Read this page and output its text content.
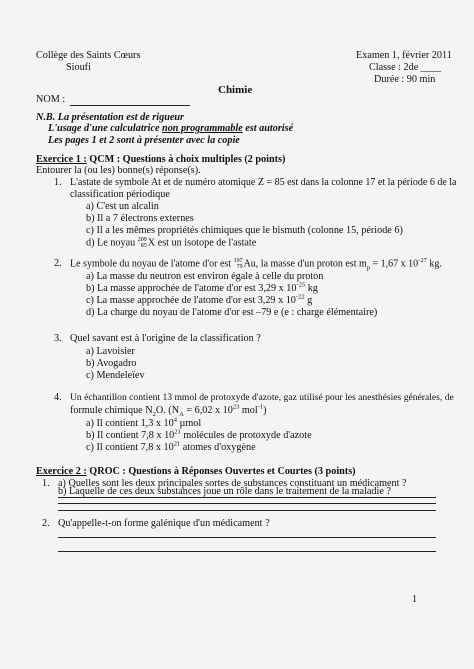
Collège des Saints Cœurs
Sioufi
Examen 1, février 2011
Classe : 2de ____
Durée : 90 min
Chimie
NOM :
N.B. La présentation est de rigueur
L'usage d'une calculatrice non programmable est autorisé
Les pages 1 et 2 sont à présenter avec la copie
Exercice 1 : QCM : Questions à choix multiples (2 points)
Entourer la (ou les) bonne(s) réponse(s).
1. L'astate de symbole At et de numéro atomique Z = 85 est dans la colonne 17 et la période 6 de la
classification périodique
a) C'est un alcalin
b) Il a 7 électrons externes
c) Il a les mêmes propriétés chimiques que le bismuth (colonne 15, période 6)
d) Le noyau 209
85 X est un isotope de l'astate
2. Le symbole du noyau de l'atome d'or est 197
79 Au, la masse d'un proton est $m_p = 1,67$ x $10^{-27}$ kg.
a) La masse du neutron est environ égale à celle du proton
b) La masse approchée de l'atome d'or est 3,29 x $10^{-25}$ kg
c) La masse approchée de l'atome d'or est 3,29 x $10^{-22}$ g
d) La charge du noyau de l'atome d'or est –79 e (e : charge élémentaire)
3. Quel savant est à l'origine de la classification ?
a) Lavoisier
b) Avogadro
c) Mendeleïev
4. Un échantillon contient 13 mmol de protoxyde d'azote, gaz utilisé pour les anesthésies générales, de
formule chimique $N_2O$. ($N_A = 6,02$ x $10^{23}$ mol$^{-1}$)
a) Il contient 1,3 x $10^4$ µmol
b) Il contient 7,8 x $10^{21}$ molécules de protoxyde d'azote
c) Il contient 7,8 x $10^{21}$ atomes d'oxygène
Exercice 2 : QROC : Questions à Réponses Ouvertes et Courtes (3 points)
1. a) Quelles sont les deux principales sortes de substances constituant un médicament ?
b) Laquelle de ces deux substances joue un rôle dans le traitement de la maladie ?
2. Qu'appelle-t-on forme galénique d'un médicament ?
1
